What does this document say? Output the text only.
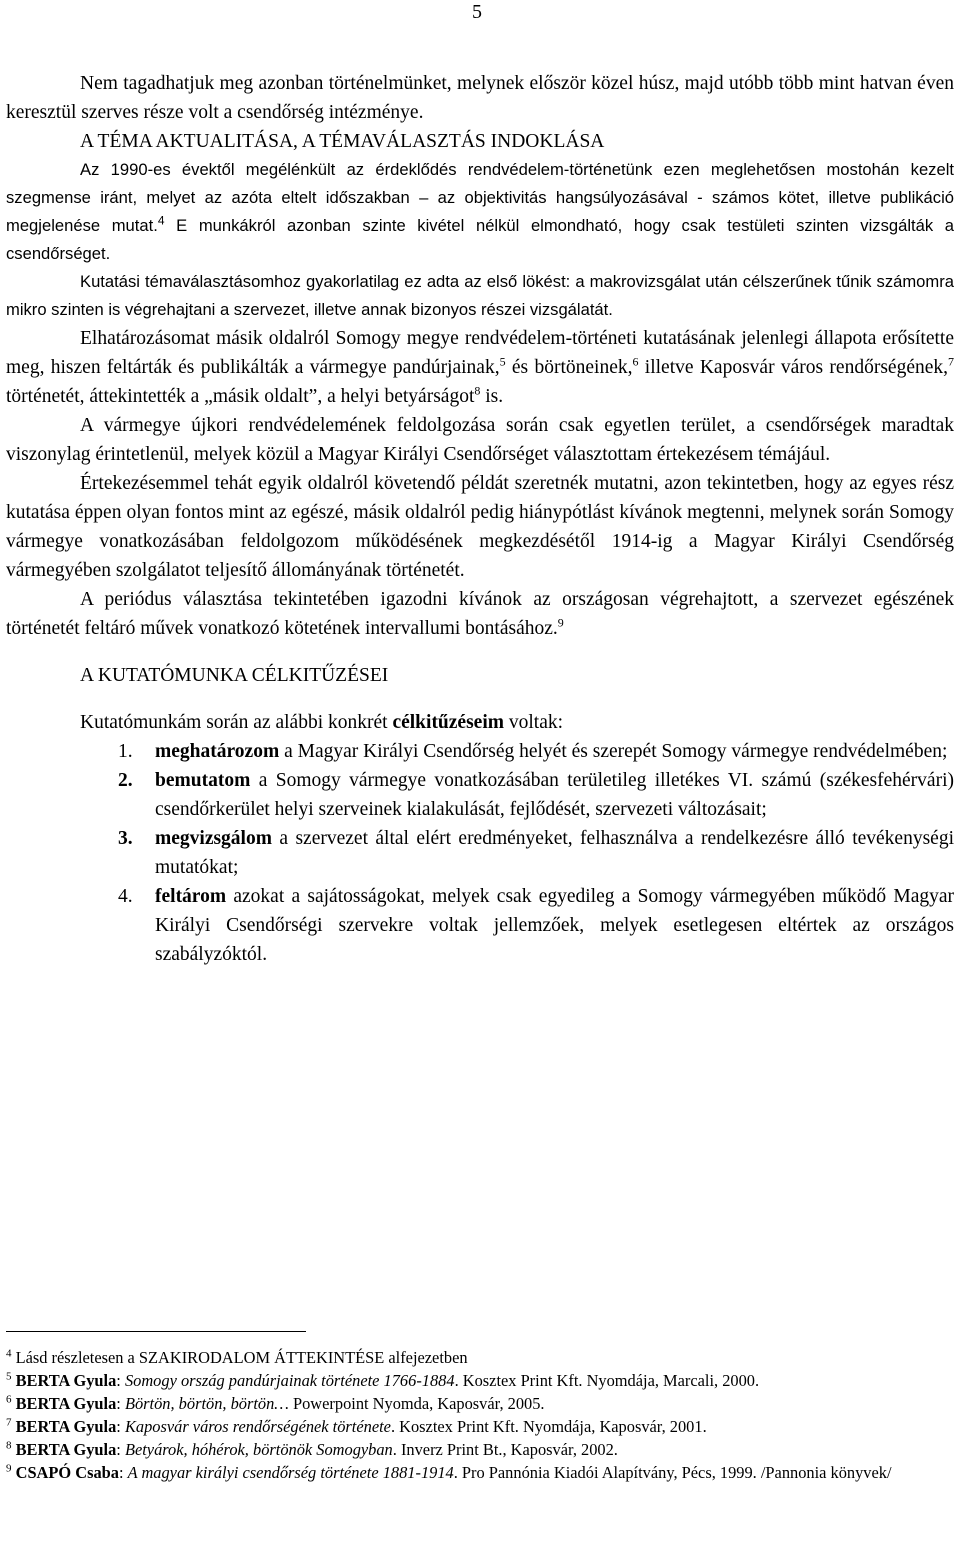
5

Nem tagadhatjuk meg azonban történelmünket, melynek először közel húsz, majd utóbb több mint hatvan éven keresztül szerves része volt a csendőrség intézménye.

A TÉMA AKTUALITÁSA, A TÉMAVÁLASZTÁS INDOKLÁSA

Az 1990-es évektől megélénkült az érdeklődés rendvédelem-történetünk ezen meglehetősen mostohán kezelt szegmense iránt, melyet az azóta eltelt időszakban – az objektivitás hangsúlyozásával - számos kötet, illetve publikáció megjelenése mutat.$^4$ E munkákról azonban szinte kivétel nélkül elmondható, hogy csak testületi szinten vizsgálták a csendőrséget.

Kutatási témaválasztásomhoz gyakorlatilag ez adta az első lökést: a makrovizsgálat után célszerűnek tűnik számomra mikro szinten is végrehajtani a szervezet, illetve annak bizonyos részei vizsgálatát.

Elhatározásomat másik oldalról Somogy megye rendvédelem-történeti kutatásának jelenlegi állapota erősítette meg, hiszen feltárták és publikálták a vármegye pandúrjainak,$^5$ és börtöneinek,$^6$ illetve Kaposvár város rendőrségének,$^7$ történetét, áttekintették a „másik oldalt”, a helyi betyárságot$^8$ is.

A vármegye újkori rendvédelemének feldolgozása során csak egyetlen terület, a csendőrségek maradtak viszonylag érintetlenül, melyek közül a Magyar Királyi Csendőrséget választottam értekezésem témájául.

Értekezésemmel tehát egyik oldalról követendő példát szeretnék mutatni, azon tekintetben, hogy az egyes rész kutatása éppen olyan fontos mint az egészé, másik oldalról pedig hiánypótlást kívánok megtenni, melynek során Somogy vármegye vonatkozásában feldolgozom működésének megkezdésétől 1914-ig a Magyar Királyi Csendőrség vármegyében szolgálatot teljesítő állományának történetét.

A periódus választása tekintetében igazodni kívánok az országosan végrehajtott, a szervezet egészének történetét feltáró művek vonatkozó kötetének intervallumi bontásához.$^9$

A KUTATÓMUNKA CÉLKITŰZÉSEI

Kutatómunkám során az alábbi konkrét célkitűzéseim voltak:

1. meghatározom a Magyar Királyi Csendőrség helyét és szerepét Somogy vármegye rendvédelmében;
2. bemutatom a Somogy vármegye vonatkozásában területileg illetékes VI. számú (székesfehérvári) csendőrkerület helyi szerveinek kialakulását, fejlődését, szervezeti változásait;
3. megvizsgálom a szervezet által elért eredményeket, felhasználva a rendelkezésre álló tevékenységi mutatókat;
4. feltárom azokat a sajátosságokat, melyek csak egyedileg a Somogy vármegyében működő Magyar Királyi Csendőrségi szervekre voltak jellemzőek, melyek esetlegesen eltértek az országos szabályzóktól.

$^4$ Lásd részletesen a SZAKIRODALOM ÁTTEKINTÉSE alfejezetben

$^5$ BERTA Gyula: Somogy ország pandúrjainak története 1766-1884. Kosztex Print Kft. Nyomdája, Marcali, 2000.

$^6$ BERTA Gyula: Börtön, börtön, börtön… Powerpoint Nyomda, Kaposvár, 2005.

$^7$ BERTA Gyula: Kaposvár város rendőrségének története. Kosztex Print Kft. Nyomdája, Kaposvár, 2001.

$^8$ BERTA Gyula: Betyárok, hóhérok, börtönök Somogyban. Inverz Print Bt., Kaposvár, 2002.

$^9$ CSAPÓ Csaba: A magyar királyi csendőrség története 1881-1914. Pro Pannónia Kiadói Alapítvány, Pécs, 1999. /Pannonia könyvek/
